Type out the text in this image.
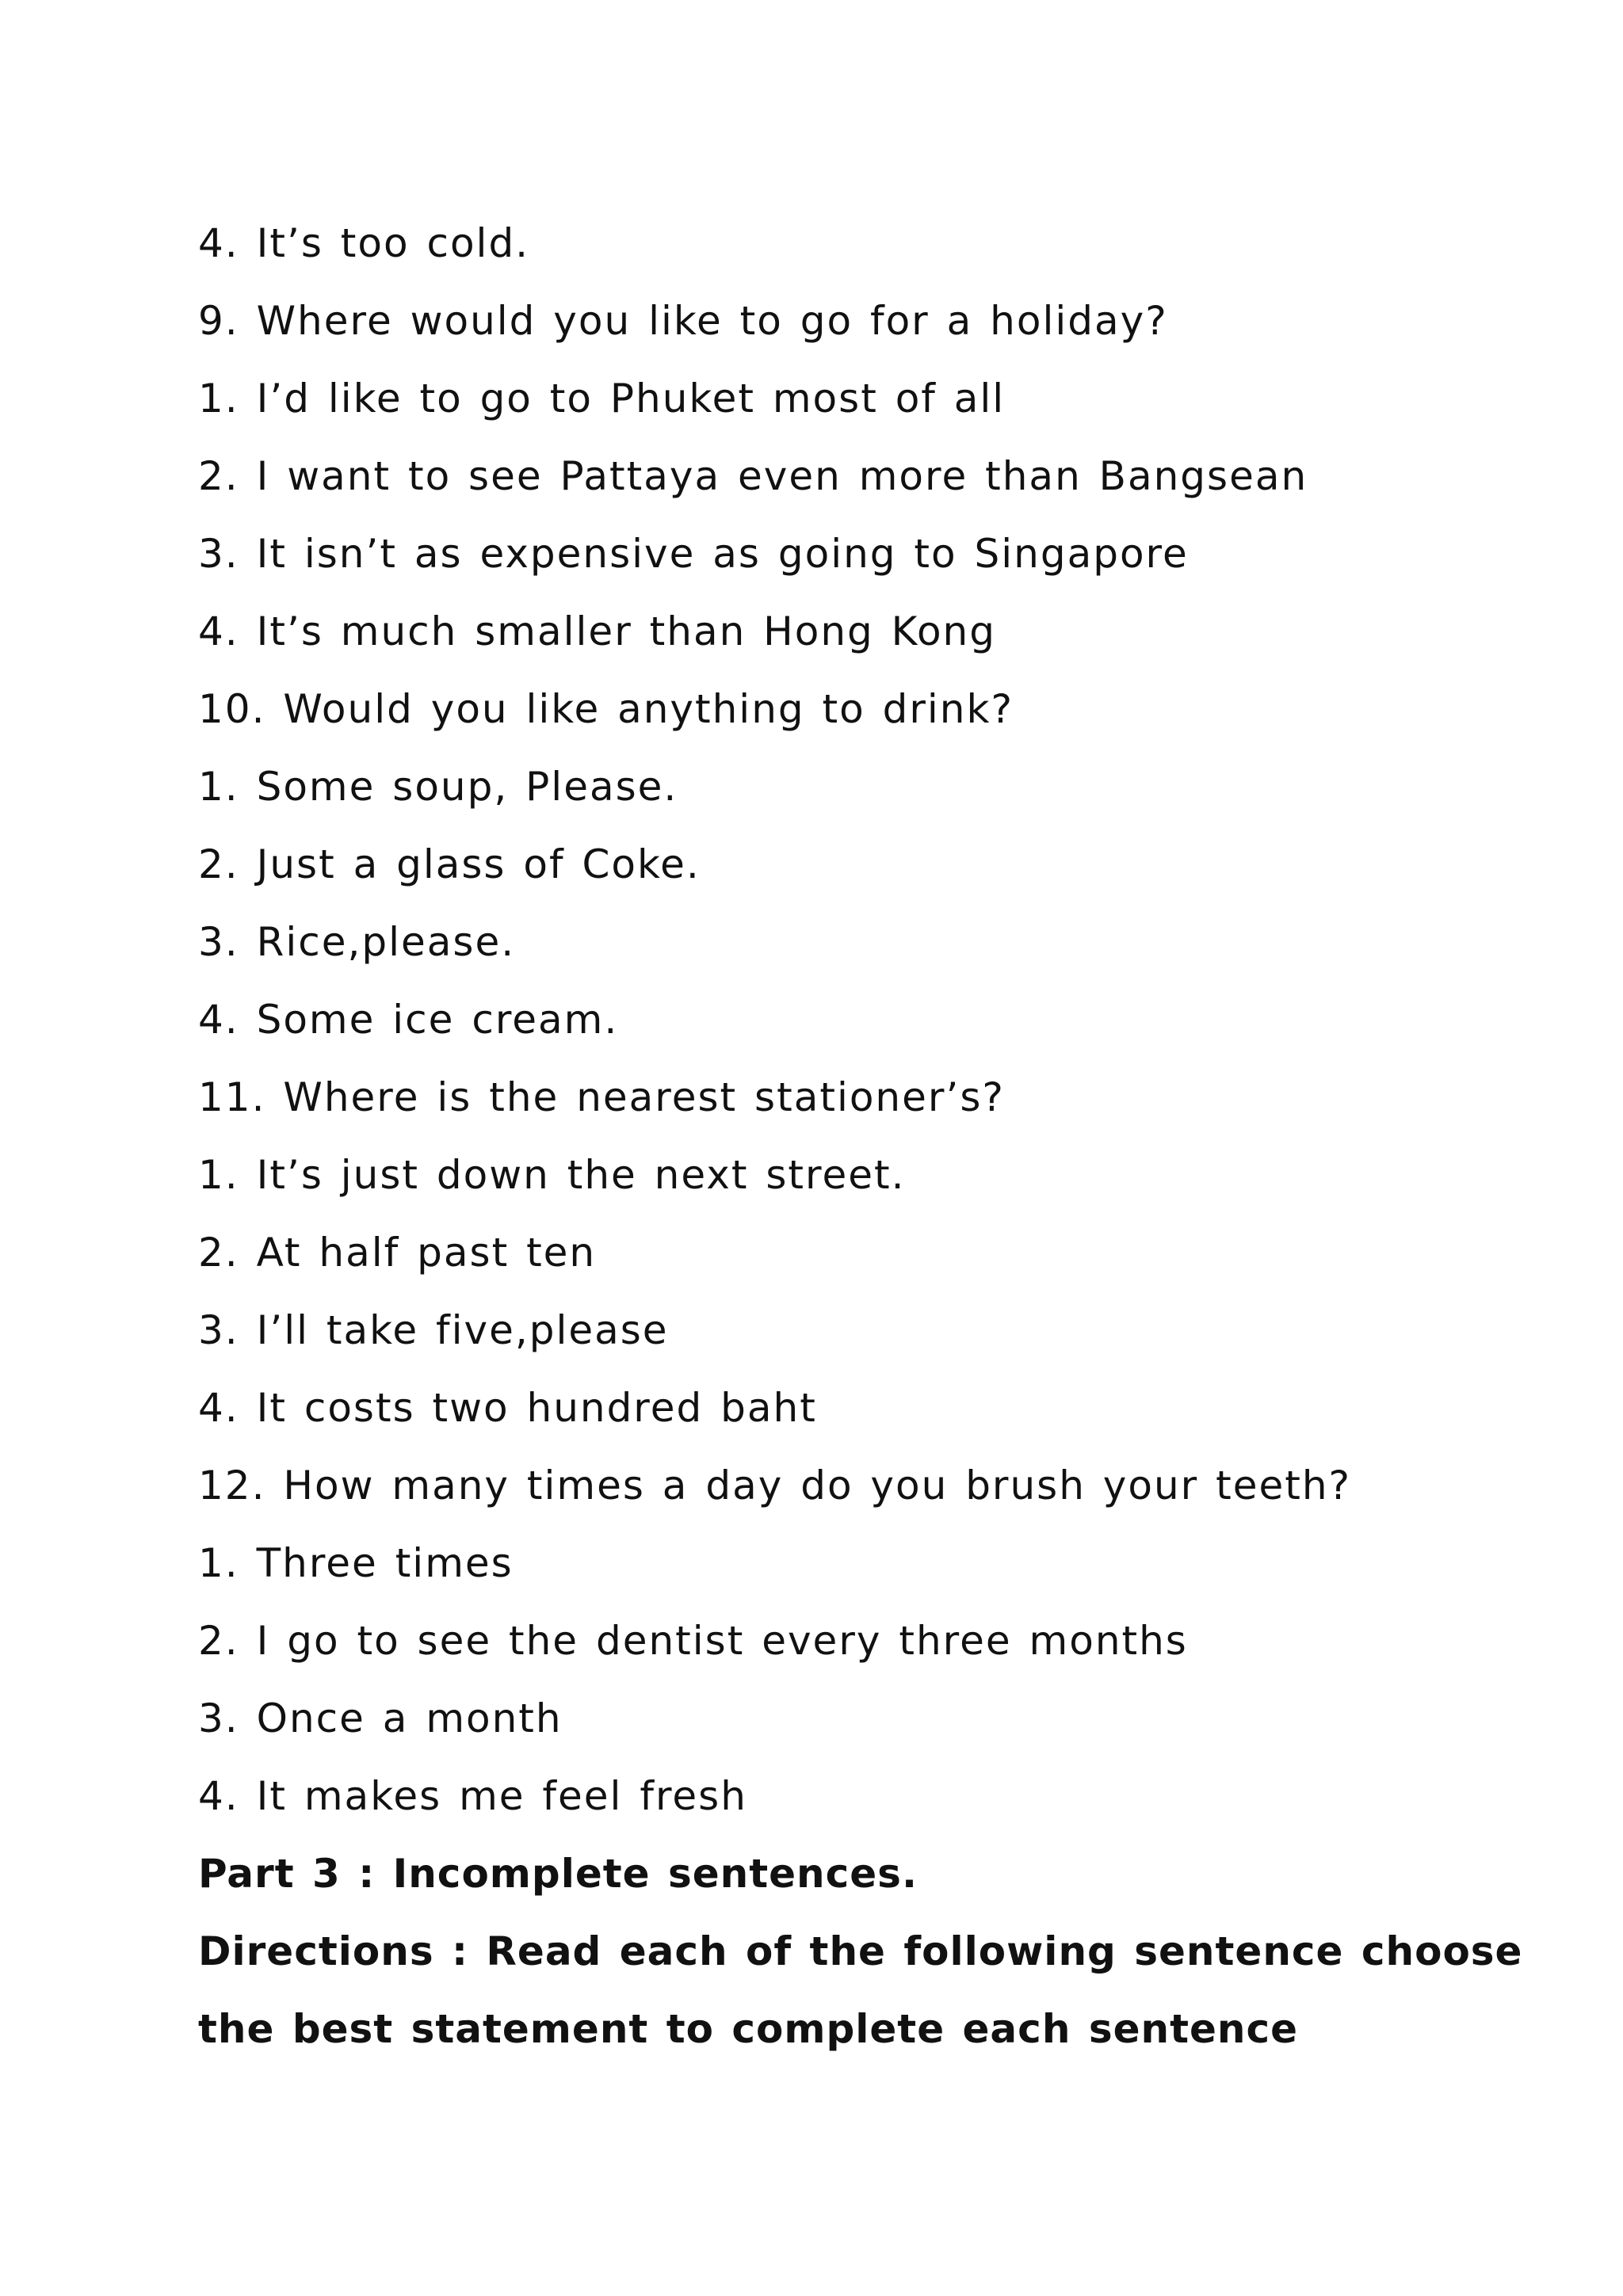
4. It’s too cold.
9. Where would you like to go for a holiday?
1. I’d like to go to Phuket most of all
2. I want to see Pattaya even more than Bangsean
3. It isn’t as expensive as going to Singapore
4. It’s much smaller than Hong Kong
10. Would you like anything to drink?
1. Some soup, Please.
2. Just a glass of Coke.
3. Rice,please.
4. Some ice cream.
11. Where is the nearest stationer’s?
1. It’s just down the next street.
2. At half past ten
3. I’ll take five,please
4. It costs two hundred baht
12. How many times a day do you brush your teeth?
1. Three times
2. I go to see the dentist every three months
3. Once a month
4. It makes me feel fresh
Part 3 : Incomplete sentences.
Directions : Read each of the following sentence choose
the best statement to complete each sentence
